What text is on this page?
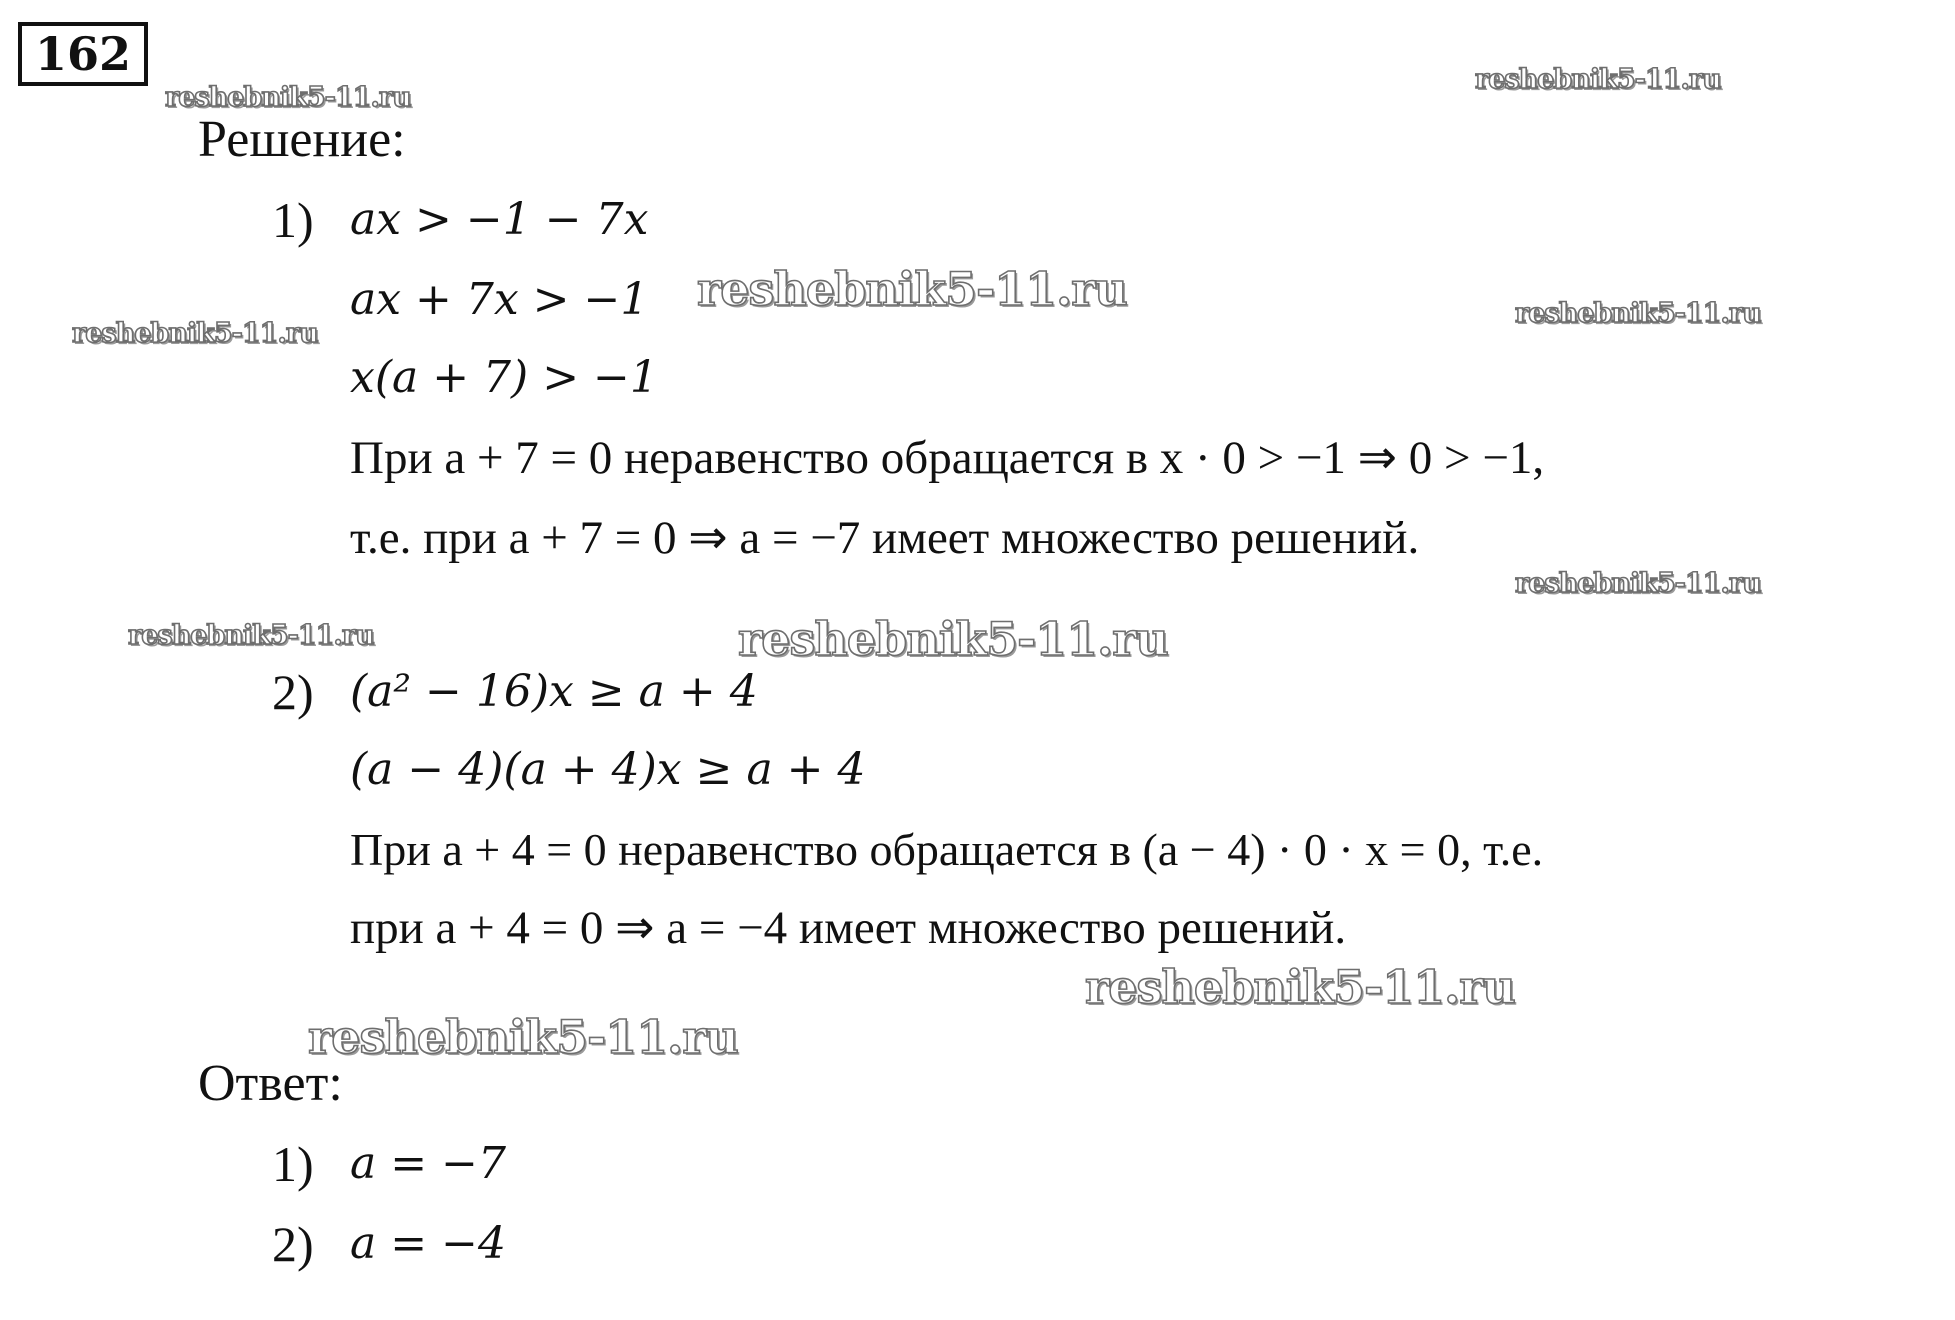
162
reshebnik5-11.ru
reshebnik5-11.ru
reshebnik5-11.ru	reshebnik5-11.ru
reshebnik5-11.ru
reshebnik5-11.ru
reshebnik5-11.ru	reshebnik5-11.ru
reshebnik5-11.ru
reshebnik5-11.ru
Решение:
1) ax > −1 − 7x
ax + 7x > −1
x(a + 7) > −1
При a + 7 = 0 неравенство обращается в x · 0 > −1 ⇒ 0 > −1,
т.е. при a + 7 = 0 ⇒ a = −7 имеет множество решений.
2) (a² − 16)x ≥ a + 4
(a − 4)(a + 4)x ≥ a + 4
При a + 4 = 0 неравенство обращается в (a − 4) · 0 · x = 0, т.е.
при a + 4 = 0 ⇒ a = −4 имеет множество решений.
Ответ:
1) a = −7
2) a = −4
